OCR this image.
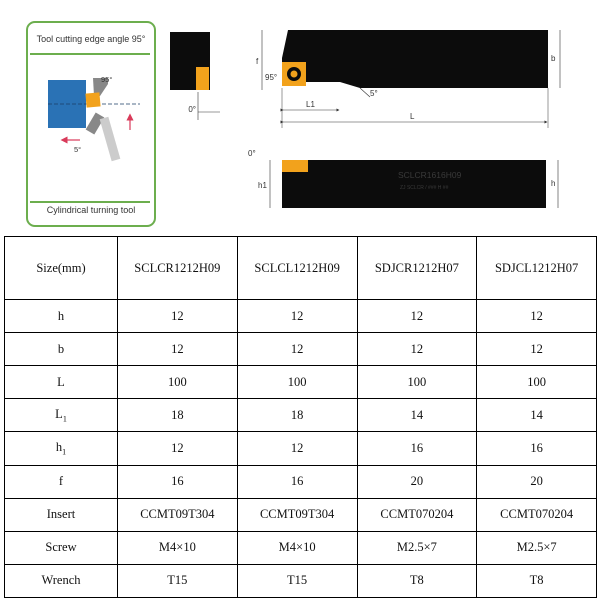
Tool cutting edge angle 95°
Cylindrical turning tool
95°
5°
0°
f	b
95°
5°
L1
L
SCLCR1616H09
ZJ SCLCR / ### H ##
h1	h
0°
Size(mm)	SCLCR1212H09	SCLCL1212H09	SDJCR1212H07	SDJCL1212H07
h	12	12	12	12
b	12	12	12	12
L	100	100	100	100
$L_1$	18	18	14	14
$h_1$	12	12	16	16
f	16	16	20	20
Insert	CCMT09T304	CCMT09T304	CCMT070204	CCMT070204
Screw	M4×10	M4×10	M2.5×7	M2.5×7
Wrench	T15	T15	T8	T8
